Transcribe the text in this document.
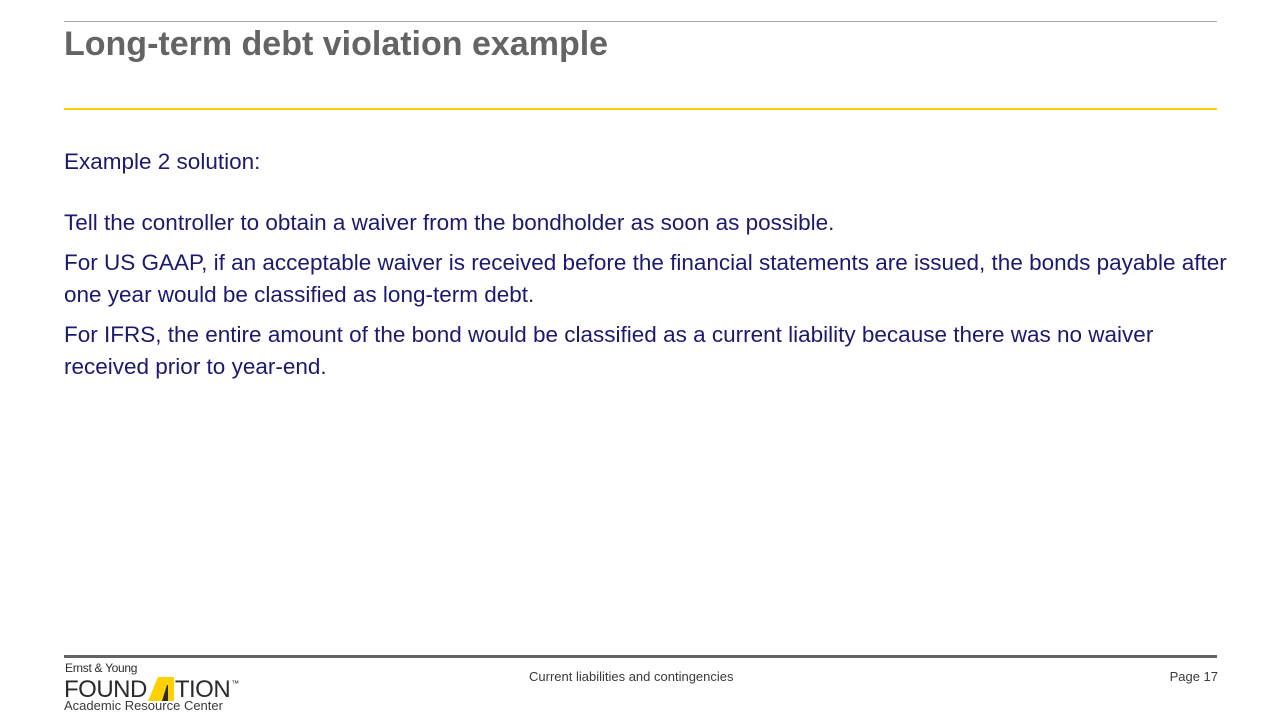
Long-term debt violation example

Example 2 solution:

Tell the controller to obtain a waiver from the bondholder as soon as possible.

For US GAAP, if an acceptable waiver is received before the financial statements are issued, the bonds payable after one year would be classified as long-term debt.

For IFRS, the entire amount of the bond would be classified as a current liability because there was no waiver received prior to year-end.

Ernst & Young
FOUND TION ™
Academic Resource Center
Current liabilities and contingencies	Page 17
